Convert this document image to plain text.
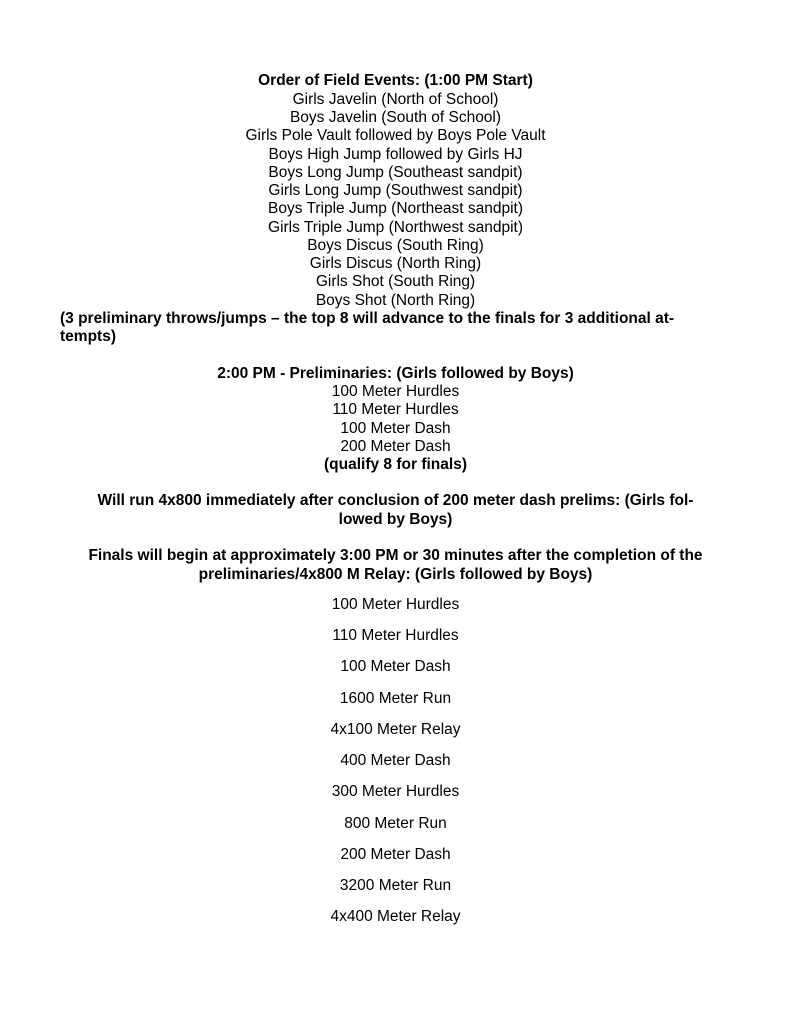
Order of Field Events: (1:00 PM Start)
Girls Javelin (North of School)
Boys Javelin (South of School)
Girls Pole Vault followed by Boys Pole Vault
Boys High Jump followed by Girls HJ
Boys Long Jump (Southeast sandpit)
Girls Long Jump (Southwest sandpit)
Boys Triple Jump (Northeast sandpit)
Girls Triple Jump (Northwest sandpit)
Boys Discus (South Ring)
Girls Discus (North Ring)
Girls Shot (South Ring)
Boys Shot (North Ring)
(3 preliminary throws/jumps – the top 8 will advance to the finals for 3 additional at-
tempts)
2:00 PM - Preliminaries: (Girls followed by Boys)
100 Meter Hurdles
110 Meter Hurdles
100 Meter Dash
200 Meter Dash
(qualify 8 for finals)
Will run 4x800 immediately after conclusion of 200 meter dash prelims: (Girls fol-
lowed by Boys)
Finals will begin at approximately 3:00 PM or 30 minutes after the completion of the
preliminaries/4x800 M Relay: (Girls followed by Boys)
100 Meter Hurdles
110 Meter Hurdles
100 Meter Dash
1600 Meter Run
4x100 Meter Relay
400 Meter Dash
300 Meter Hurdles
800 Meter Run
200 Meter Dash
3200 Meter Run
4x400 Meter Relay
